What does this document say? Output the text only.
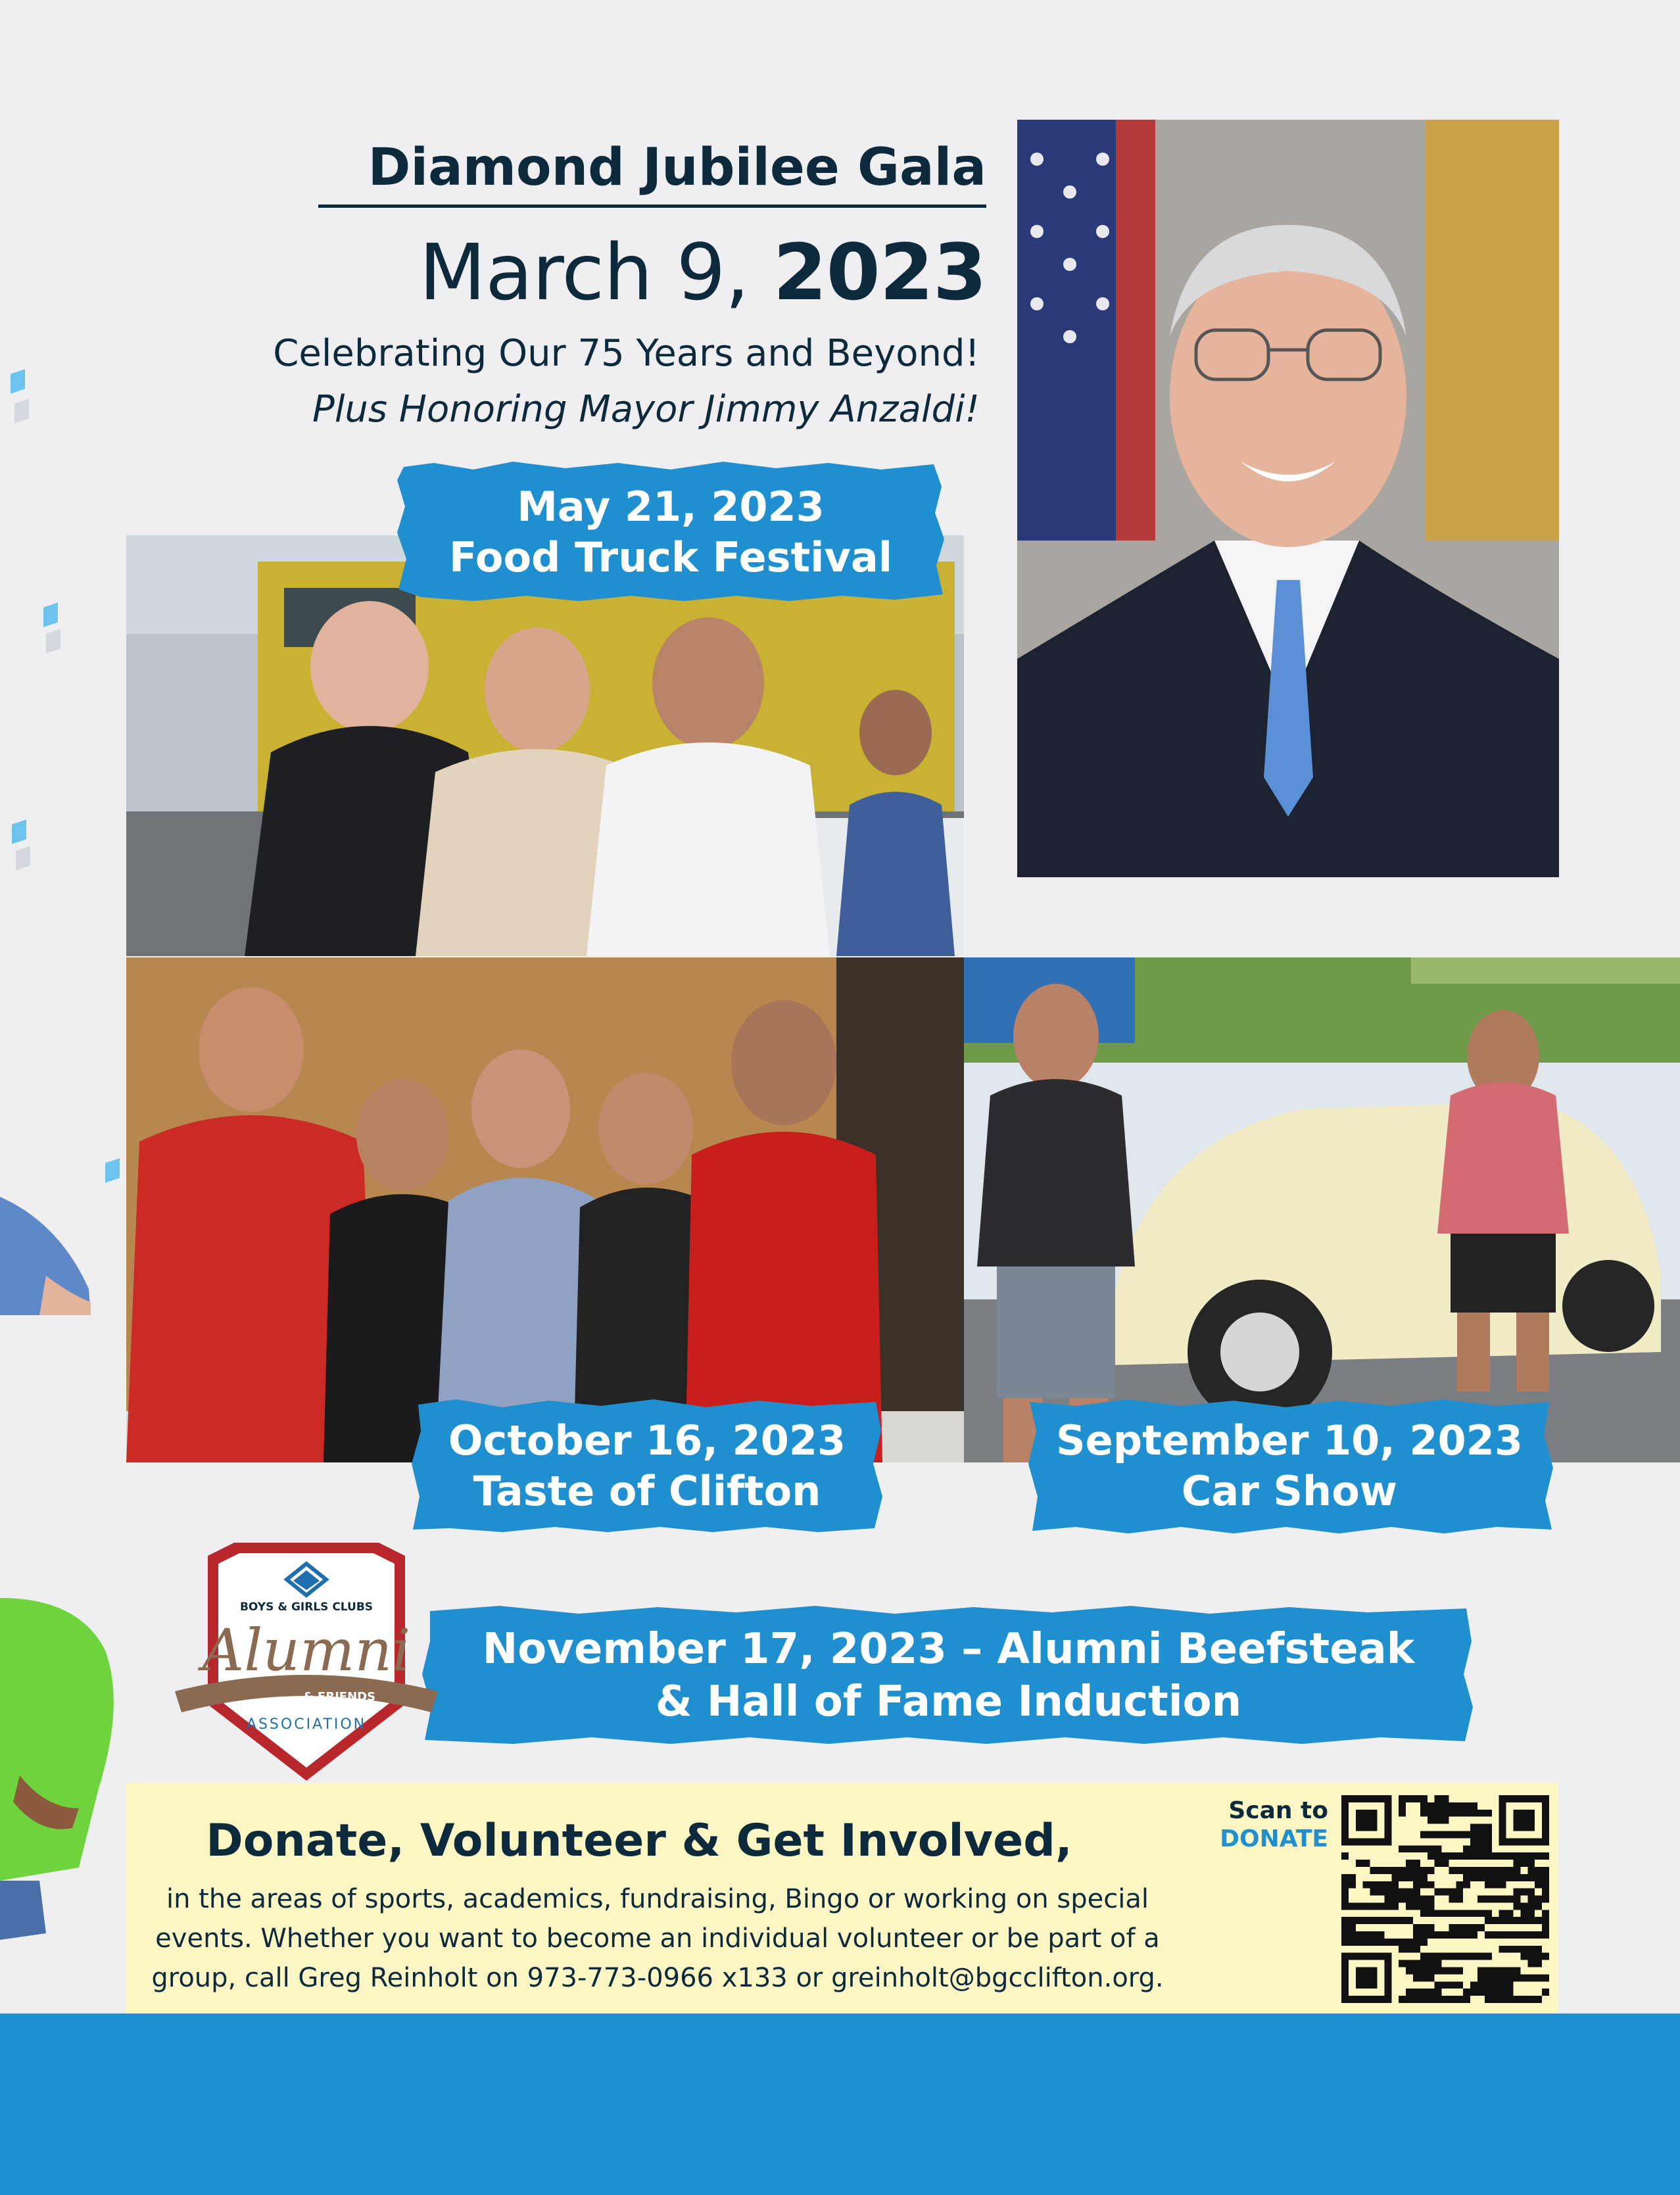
Diamond Jubilee Gala
March 9, 2023
Celebrating Our 75 Years and Beyond!
Plus Honoring Mayor Jimmy Anzaldi!
May 21, 2023
Food Truck Festival
October 16, 2023
Taste of Clifton
September 10, 2023
Car Show
November 17, 2023 – Alumni Beefsteak
& Hall of Fame Induction
BOYS & GIRLS CLUBS
Alumni
& FRIENDS
ASSOCIATION
Donate, Volunteer & Get Involved,
in the areas of sports, academics, fundraising, Bingo or working on special
events. Whether you want to become an individual volunteer or be part of a
group, call Greg Reinholt on 973-773-0966 x133 or greinholt@bgcclifton.org.
Scan to
DONATE
